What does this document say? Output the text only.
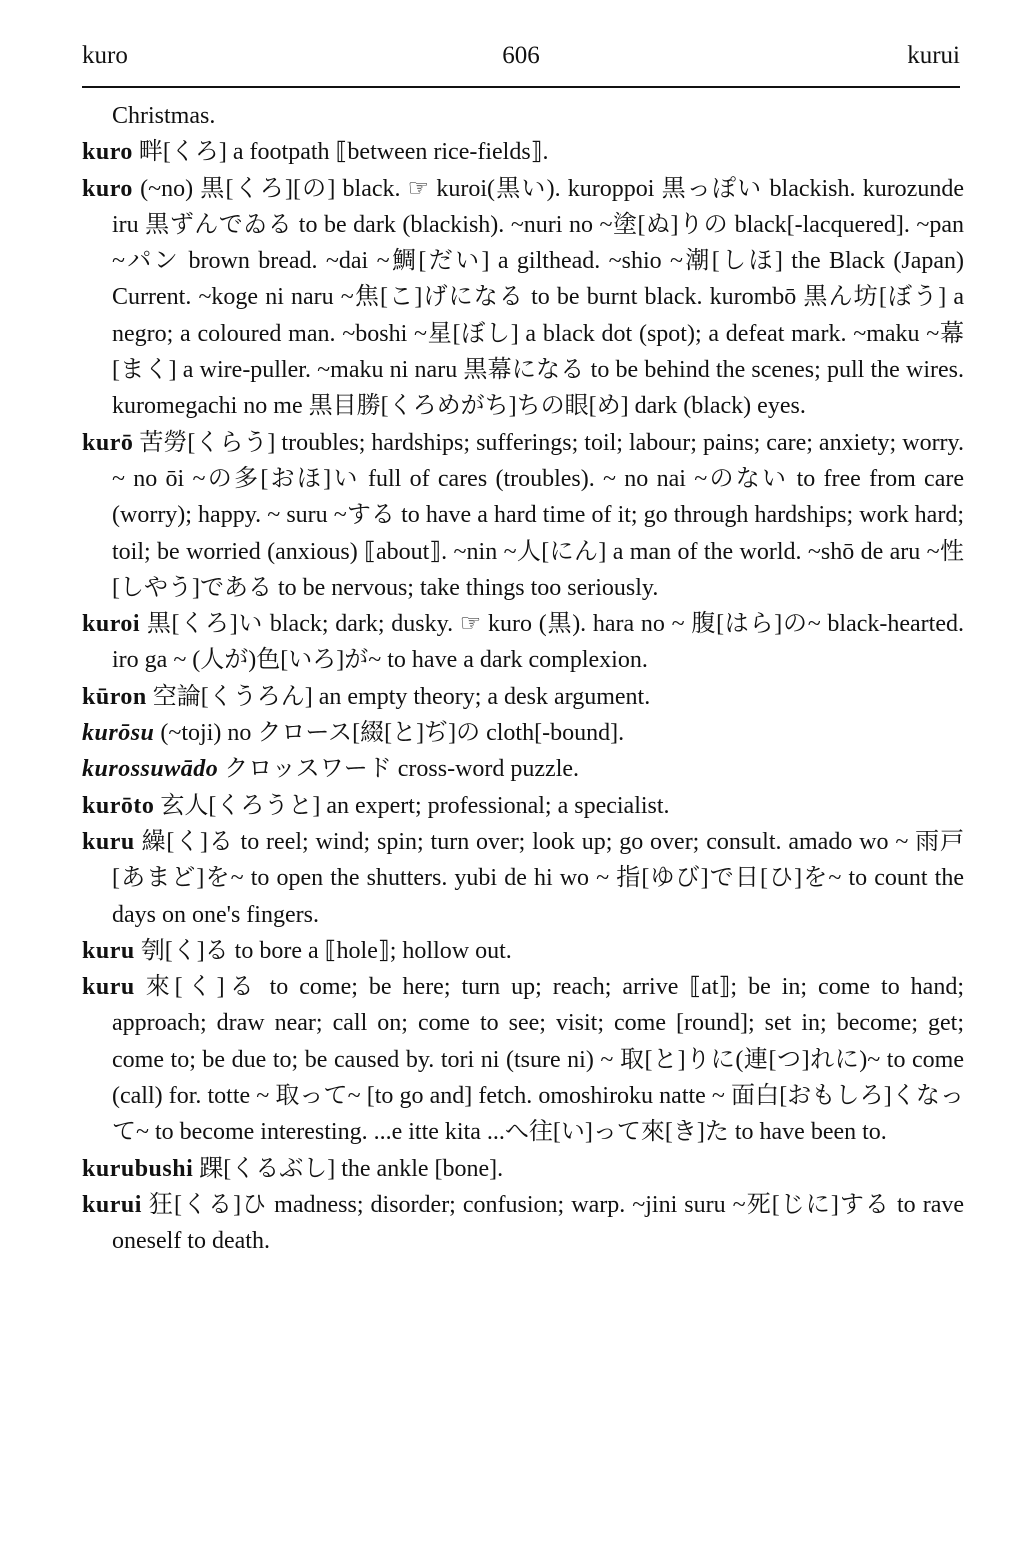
kuro	606	kurui

Christmas.

kuro 畔[くろ] a footpath ⟦between rice-fields⟧.

kuro (~no) 黒[くろ][の] black. ☞ kuroi(黒い). kuroppoi 黒っぽい blackish. kurozunde iru 黒ずんでゐる to be dark (blackish). ~nuri no ~塗[ぬ]りの black[-lacquered]. ~pan ~パン brown bread. ~dai ~鯛[だい] a gilthead. ~shio ~潮[しほ] the Black (Japan) Current. ~koge ni naru ~焦[こ]げになる to be burnt black. kurombō 黒ん坊[ぼう] a negro; a coloured man. ~boshi ~星[ぼし] a black dot (spot); a defeat mark. ~maku ~幕[まく] a wire-puller. ~maku ni naru 黒幕になる to be behind the scenes; pull the wires. kuromegachi no me 黒目勝[くろめがち]ちの眼[め] dark (black) eyes.

kurō 苦勞[くらう] troubles; hardships; sufferings; toil; labour; pains; care; anxiety; worry. ~ no ōi ~の多[おほ]い full of cares (troubles). ~ no nai ~のない to free from care (worry); happy. ~ suru ~する to have a hard time of it; go through hardships; work hard; toil; be worried (anxious) ⟦about⟧. ~nin ~人[にん] a man of the world. ~shō de aru ~性[しやう]である to be nervous; take things too seriously.

kuroi 黒[くろ]い black; dark; dusky. ☞ kuro (黒). hara no ~ 腹[はら]の~ black-hearted. iro ga ~ (人が)色[いろ]が~ to have a dark complexion.

kūron 空論[くうろん] an empty theory; a desk argument.

kurōsu (~toji) no クロース[綴[と]ぢ]の cloth[-bound].

kurossuwādo クロッスワード cross-word puzzle.

kurōto 玄人[くろうと] an expert; professional; a specialist.

kuru 繰[く]る to reel; wind; spin; turn over; look up; go over; consult. amado wo ~ 雨戸[あまど]を~ to open the shutters. yubi de hi wo ~ 指[ゆび]で日[ひ]を~ to count the days on one's fingers.

kuru 刳[く]る to bore a ⟦hole⟧; hollow out.

kuru 來[く]る to come; be here; turn up; reach; arrive ⟦at⟧; be in; come to hand; approach; draw near; call on; come to see; visit; come [round]; set in; become; get; come to; be due to; be caused by. tori ni (tsure ni) ~ 取[と]りに(連[つ]れに)~ to come (call) for. totte ~ 取って~ [to go and] fetch. omoshiroku natte ~ 面白[おもしろ]くなって~ to become interesting. ...e itte kita ...へ往[い]って來[き]た to have been to.

kurubushi 踝[くるぶし] the ankle [bone].

kurui 狂[くる]ひ madness; disorder; confusion; warp. ~jini suru ~死[じに]する to rave oneself to death.
